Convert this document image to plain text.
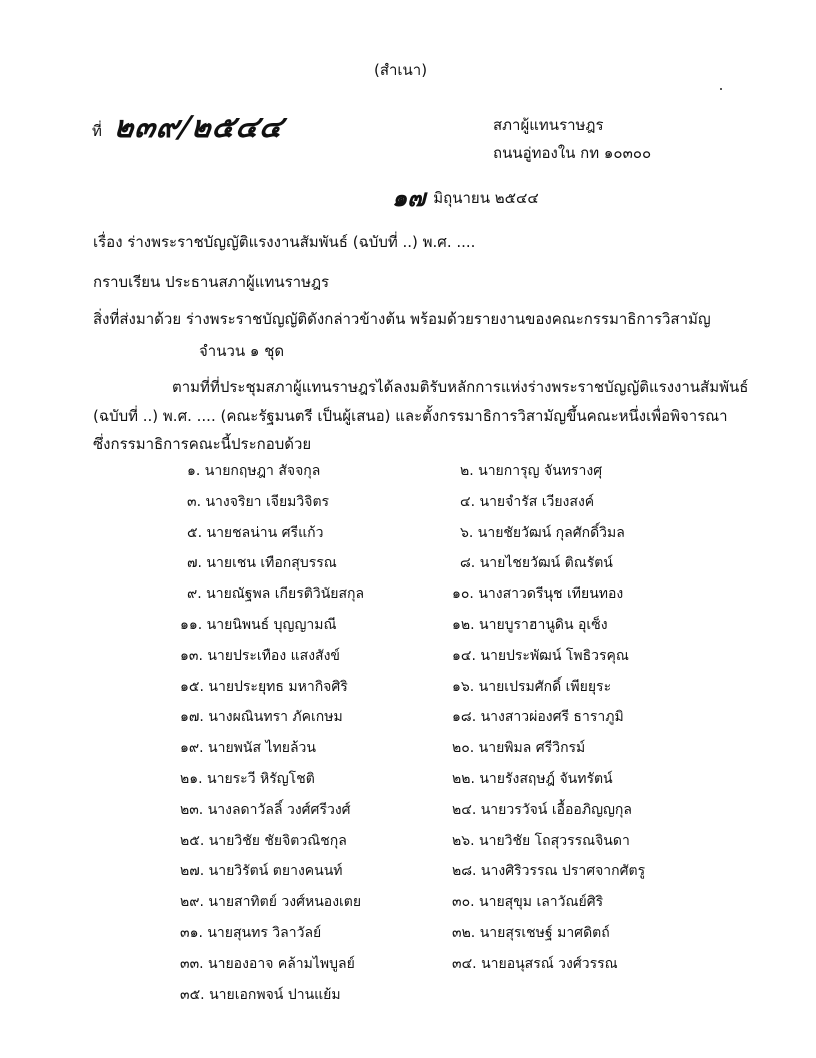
(สำเนา)
ที่ ๒๓๙/๒๕๔๔	สภาผู้แทนราษฎร
ถนนอู่ทองใน กท ๑๐๓๐๐
๑๗ มิถุนายน ๒๕๔๔
เรื่อง ร่างพระราชบัญญัติแรงงานสัมพันธ์ (ฉบับที่ ..) พ.ศ. ....
กราบเรียน ประธานสภาผู้แทนราษฎร
สิ่งที่ส่งมาด้วย ร่างพระราชบัญญัติดังกล่าวข้างต้น พร้อมด้วยรายงานของคณะกรรมาธิการวิสามัญ
จำนวน ๑ ชุด
ตามที่ที่ประชุมสภาผู้แทนราษฎรได้ลงมติรับหลักการแห่งร่างพระราชบัญญัติแรงงานสัมพันธ์
(ฉบับที่ ..) พ.ศ. .... (คณะรัฐมนตรี เป็นผู้เสนอ) และตั้งกรรมาธิการวิสามัญขึ้นคณะหนึ่งเพื่อพิจารณา
ซึ่งกรรมาธิการคณะนี้ประกอบด้วย
๑. นายกฤษฎา สัจจกุล
๓. นางจริยา เจียมวิจิตร
๕. นายชลน่าน ศรีแก้ว
๗. นายเชน เทือกสุบรรณ
๙. นายณัฐพล เกียรติวินัยสกุล
๑๑. นายนิพนธ์ บุญญามณี
๑๓. นายประเทือง แสงสังข์
๑๕. นายประยุทธ มหากิจศิริ
๑๗. นางผณินทรา ภัคเกษม
๑๙. นายพนัส ไทยล้วน
๒๑. นายระวี หิรัญโชติ
๒๓. นางลดาวัลลิ์ วงศ์ศรีวงศ์
๒๕. นายวิชัย ชัยจิตวณิชกุล
๒๗. นายวิรัตน์ ตยางคนนท์
๒๙. นายสาทิตย์ วงศ์หนองเตย
๓๑. นายสุนทร วิลาวัลย์
๓๓. นายองอาจ คล้ามไพบูลย์
๓๕. นายเอกพจน์ ปานแย้ม
๒. นายการุญ จันทรางศุ
๔. นายจำรัส เวียงสงค์
๖. นายชัยวัฒน์ กุลศักดิ์วิมล
๘. นายไชยวัฒน์ ติณรัตน์
๑๐. นางสาวดรีนุช เทียนทอง
๑๒. นายบูราฮานูดิน อุเซ็ง
๑๔. นายประพัฒน์ โพธิวรคุณ
๑๖. นายเปรมศักดิ์ เพียยุระ
๑๘. นางสาวผ่องศรี ธาราภูมิ
๒๐. นายพิมล ศรีวิกรม์
๒๒. นายรังสฤษฎ์ จันทรัตน์
๒๔. นายวรวัจน์ เอื้ออภิญญกุล
๒๖. นายวิชัย โถสุวรรณจินดา
๒๘. นางศิริวรรณ ปราศจากศัตรู
๓๐. นายสุขุม เลาวัณย์ศิริ
๓๒. นายสุรเชษฐ์ มาศดิตถ์
๓๔. นายอนุสรณ์ วงศ์วรรณ
